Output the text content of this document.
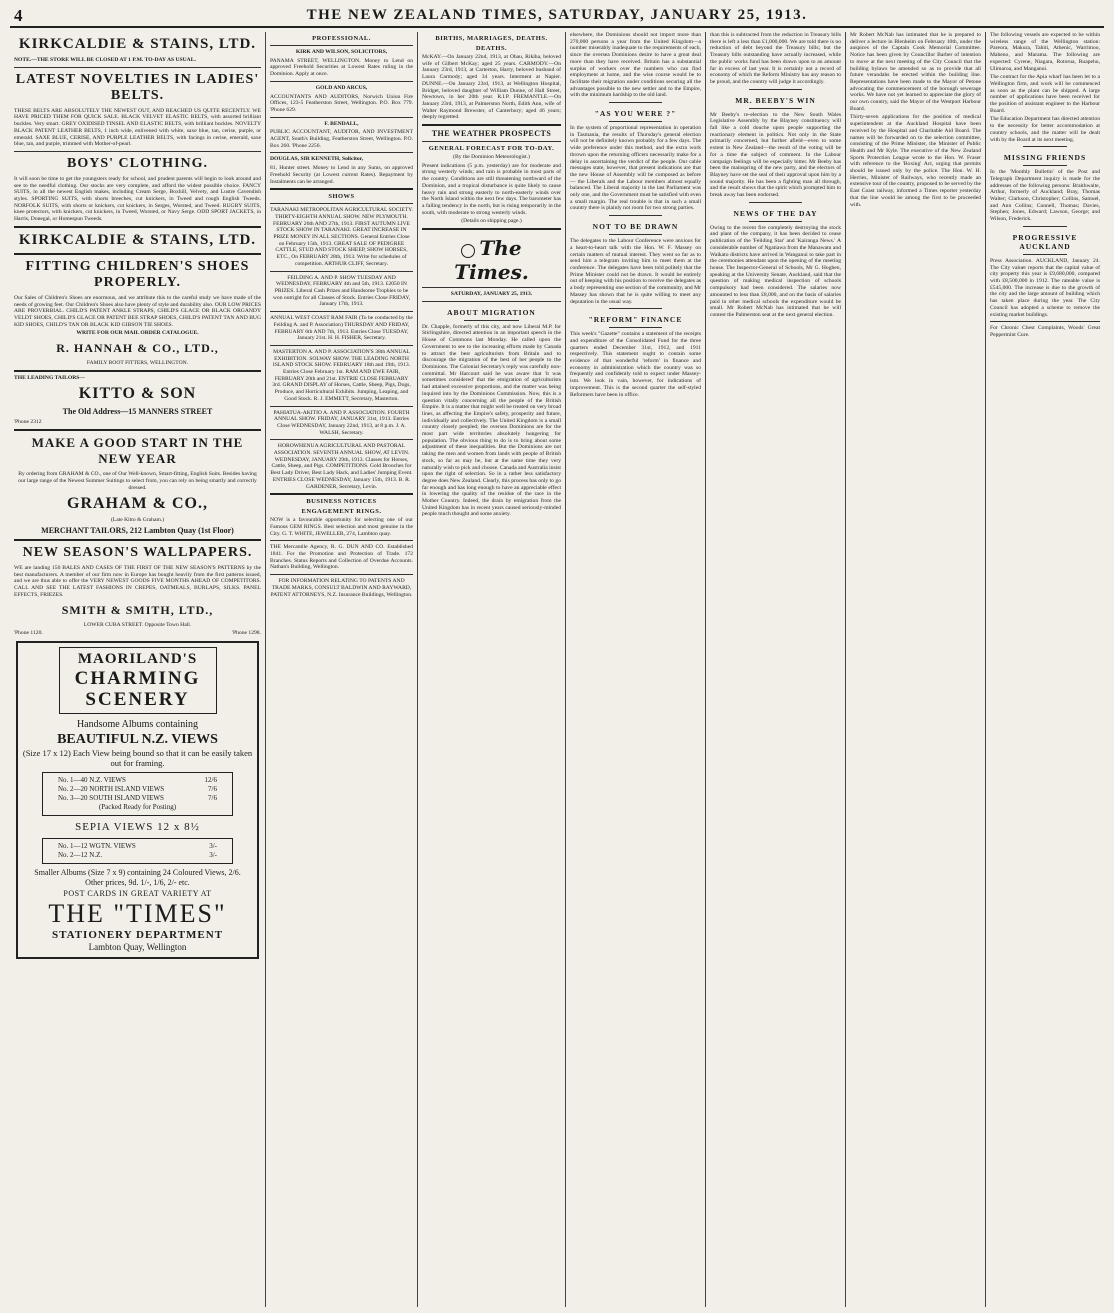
4	THE NEW ZEALAND TIMES, SATURDAY, JANUARY 25, 1913.
KIRKCALDIE & STAINS, LTD.
NOTE.—THE STORE WILL BE CLOSED AT 1 P.M. TO-DAY AS USUAL.
LATEST NOVELTIES IN LADIES' BELTS.
THESE BELTS ARE ABSOLUTELY THE NEWEST OUT, AND REACHED US QUITE RECENTLY. WE HAVE PRICED THEM FOR QUICK SALE. BLACK VELVET ELASTIC BELTS, with assorted brilliant buckles. Very smart. GREY OXIDISED TINSEL AND ELASTIC BELTS, with brilliant buckles. NOVELTY BLACK PATENT LEATHER BELTS, 1 inch wide, enlivened with white, saxe blue, tan, cerise, purple, or emerald. SAXE BLUE, CERISE, AND PURPLE LEATHER BELTS, with facings in cerise, emerald, saxe blue, tan, and purple, trimmed with Mother-of-pearl.
BOYS' CLOTHING.
It will soon be time to get the youngsters ready for school, and prudent parents will begin to look around and see to the needful clothing. Our stocks are very complete, and afford the widest possible choice. FANCY SUITS, in all the newest English makes, including Cream Serge, Boxhill, Velvety, and Lustre Cavendish styles. SPORTING SUITS, with shorts breeches, cut knickers, in Tweed and rough English Tweeds. NORFOLK SUITS, with shorts or knickers, cut knickers, in Serges, Worsted, and Tweed. RUGBY SUITS, knee protectors, with knickers, cut knickers, in Tweed, Worsted, or Navy Serge. ODD SPORT JACKETS, in Harris, Donegal, or Homespun Tweeds.
KIRKCALDIE & STAINS, LTD.
FITTING CHILDREN'S SHOES PROPERLY.
Our Sales of Children's Shoes are enormous, and we attribute this to the careful study we have made of the needs of growing feet. Our Children's Shoes also have plenty of style and durability also. OUR LOW PRICES ARE PROVERBIAL. CHILD'S PATENT ANKLE STRAPS, CHILD'S GLACE OR BLACK ORGANDY VELDT SHOES, CHILD'S GLACE OR PATENT BEE STRAP SHOES, CHILD'S PATENT TAN AND BUG KID SHOES, CHILD'S TAN OR BLACK KID GIBSON TIE SHOES.
WRITE FOR OUR MAIL ORDER CATALOGUE.
R. HANNAH & CO., LTD.,
FAMILY BOOT FITTERS, WELLINGTON.
THE LEADING TAILORS—
KITTO & SON
The Old Address—15 MANNERS STREET
'Phone 2312
MAKE A GOOD START IN THE NEW YEAR
By ordering from GRAHAM & CO., one of Our Well-known, Smart-fitting, English Suits. Besides having our large range of the Newest Summer Suitings to select from, you can rely on being smartly and correctly dressed.
GRAHAM & CO.,
(Late Kitto & Graham.)
MERCHANT TAILORS, 212 Lambton Quay (1st Floor)
NEW SEASON'S WALLPAPERS.
WE are landing 150 BALES AND CASES OF THE FIRST OF THE NEW SEASON'S PATTERNS by the best manufacturers. A member of our firm now in Europe has bought heavily from the first patterns issued, and we are thus able to offer the VERY NEWEST GOODS FIVE MONTHS AHEAD OF COMPETITORS. CALL AND SEE THE LATEST FASHIONS IN CREPES, OATMEALS, BURLAPS, SILKS. PANEL EFFECTS, FRIEZES.
SMITH & SMITH, LTD.,
LOWER CUBA STREET. Opposite Town Hall.
'Phone 1120.	'Phone 1298.
MAORILAND'S
CHARMING
SCENERY
Handsome Albums containing
BEAUTIFUL N.Z. VIEWS
(Size 17 x 12) Each View being bound so that it can be easily taken out for framing.
No. 1—40 N.Z. VIEWS	12/6
No. 2—20 NORTH ISLAND VIEWS	7/6
No. 3—20 SOUTH ISLAND VIEWS	7/6
(Packed Ready for Posting)
SEPIA VIEWS 12 x 8½
No. 1—12 WGTN. VIEWS	3/-
No. 2—12 N.Z.	3/-
Smaller Albums (Size 7 x 9) containing 24 Coloured Views, 2/6.
Other prices, 9d. 1/-, 1/6, 2/- etc.
POST CARDS IN GREAT VARIETY AT
THE "TIMES"
STATIONERY DEPARTMENT
Lambton Quay, Wellington
PROFESSIONAL.
KIRK AND WILSON, SOLICITORS,
PANAMA STREET, WELLINGTON. Money to Lend on approved Freehold Securities at Lowest Rates ruling in the Dominion. Apply at once.
GOLD AND ARCUS,
ACCOUNTANTS AND AUDITORS, Norwich Union Fire Offices, 123-5 Featherston Street, Wellington. P.O. Box 779. 'Phone 629.
F. BENDALL,
PUBLIC ACCOUNTANT, AUDITOR, AND INVESTMENT AGENT, South's Building, Featherston Street, Wellington. P.O. Box 260. 'Phone 2256.
DOUGLAS, SIR KENNETH, Solicitor,
81, Hunter street. Money to Lend in any Sums, on approved Freehold Security (at Lowest current Rates). Repayment by Instalments can be arranged.
SHOWS
TARANAKI METROPOLITAN AGRICULTURAL SOCIETY. THIRTY-EIGHTH ANNUAL SHOW. NEW PLYMOUTH. FEBRUARY 26th AND 27th, 1913. FIRST AUTUMN LIVE STOCK SHOW IN TARANAKI. GREAT INCREASE IN PRIZE MONEY IN ALL SECTIONS. General Entries Close on February 15th, 1913. GREAT SALE OF PEDIGREE CATTLE, STUD AND STOCK SHEEP, SHOW HORSES, ETC., On FEBRUARY 28th, 1913. Write for schedules of competition. ARTHUR CLIFF, Secretary.
FEILDING A. AND P. SHOW TUESDAY AND WEDNESDAY, FEBRUARY 4th and 5th, 1913. £2050 IN PRIZES. Liberal Cash Prizes and Handsome Trophies to be won outright for all Classes of Stock. Entries Close FRIDAY, January 17th, 1913.
ANNUAL WEST COAST RAM FAIR (To be conducted by the Feilding A. and P. Association) THURSDAY AND FRIDAY, FEBRUARY 6th AND 7th, 1913. Entries Close TUESDAY, January 21st. H. H. FISHER, Secretary.
MASTERTON A. AND P. ASSOCIATION'S 38th ANNUAL EXHIBITION. SOLWAY SHOW. THE LEADING NORTH ISLAND STOCK SHOW. FEBRUARY 18th and 19th, 1913. Entries Close February 1st. RAM AND EWE FAIR, FEBRUARY 20th and 21st. ENTRIE CLOSE FEBRUARY 3rd. GRAND DISPLAY of Horses, Cattle, Sheep, Pigs, Dogs, Produce, and Horticultural Exhibits. Jumping, Leaping, and Good Stock. R. J. EMMETT, Secretary, Masterton.
PAHIATUA-AKITIO A. AND P. ASSOCIATION. FOURTH ANNUAL SHOW. FRIDAY, JANUARY 31st, 1913. Entries Close WEDNESDAY, January 22nd, 1913, at 8 p.m. J. A. WALSH, Secretary.
HOROWHENUA AGRICULTURAL AND PASTORAL ASSOCIATION. SEVENTH ANNUAL SHOW, AT LEVIN. WEDNESDAY, JANUARY 29th, 1913. Classes for Horses, Cattle, Sheep, and Pigs. COMPETITIONS. Gold Brooches for Best Lady Driver, Best Lady Hack, and Ladies' Jumping Event. ENTRIES CLOSE WEDNESDAY, January 15th, 1913. B. R. GARDENER, Secretary, Levin.
BUSINESS NOTICES
ENGAGEMENT RINGS.
NOW is a favourable opportunity for selecting one of our Famous GEM RINGS. Best selection and most genuine in the City. G. T. WHITE, JEWELLER, 274, Lambton quay.
THE Mercantile Agency, R. G. DUN AND CO. Established 1841. For the Promotion and Protection of Trade. 172 Branches. Status Reports and Collection of Overdue Accounts. Nathan's Building, Wellington.
FOR INFORMATION RELATING TO PATENTS AND TRADE MARKS, CONSULT BALDWIN AND RAYWARD, PATENT ATTORNEYS, N.Z. Insurance Buildings, Wellington.
BIRTHS, MARRIAGES, DEATHS.
DEATHS.
McKAY.—On January 22nd, 1913, at Ohau, Rikiha, beloved wife of Gilbert McKay; aged 25 years. CARMODY.—On January 23rd, 1913, at Carterton, Harry, beloved husband of Laura Carmody; aged 34 years. Interment at Napier. DUNNE.—On January 23rd, 1913, at Wellington Hospital, Bridget, beloved daughter of William Dunne, of Hall Street, Newtown, in her 20th year. R.I.P. FREMANTLE.—On January 23rd, 1913, at Palmerston North, Edith Ann, wife of Walter Raymond Brewster, of Canterbury; aged 46 years; deeply regretted.
THE WEATHER PROSPECTS
GENERAL FORECAST FOR TO-DAY.
(By the Dominion Meteorologist.)
Present indications (5 p.m. yesterday) are for moderate and strong westerly winds; and rain is probable in most parts of the country. Conditions are still threatening northward of the Dominion, and a tropical disturbance is quite likely to cause heavy rain and strong easterly to north-easterly winds over the North Island within the next few days. The barometer has a falling tendency in the north, but is rising temporarily in the south, with moderate to strong westerly winds.
(Details on shipping page.)
The Times.
SATURDAY, JANUARY 25, 1913.
ABOUT MIGRATION
Dr. Chapple, formerly of this city, and now Liberal M.P. for Stirlingshire, directed attention in an important speech in the House of Commons last Monday. He called upon the Government to see to the increasing efforts made by Canada to attract the best agriculturists from Britain and to discourage the migration of the best of her people to the Dominions. The Colonial Secretary's reply was carefully non-committal. Mr Harcourt said he was aware that 'it was sometimes considered' that the emigration of agriculturists had attained excessive proportions, and the matter was being inquired into by the Dominions Commission. Now, this is a question vitally concerning all the people of the British Empire. It is a matter that might well be treated on very broad lines, as affecting the Empire's safety, prosperity and future, individually and collectively. The United Kingdom is a small country closely peopled; the oversea Dominions are for the most part wide territories absolutely hungering for population. The obvious thing to do is to bring about some adjustment of these inequalities. But the Dominions are not taking the men and women from lands with people of British stock, so far as may be, but at the same time they very naturally wish to pick and choose. Canada and Australia insist upon the right of selection. So in a rather less satisfactory degree does New Zealand. Clearly, this process has only to go far enough and has long enough to have an appreciable effect in lowering the quality of the residue of the race in the Mother Country. Indeed, the drain by emigration from the United Kingdom has in recent years caused seriously-minded people much thought and some anxiety.
elsewhere, the Dominions should not import more than 270,000 persons a year from the United Kingdom—a number miserably inadequate to the requirements of each, since the oversea Dominions desire to have a great deal more than they have received. Britain has a substantial surplus of workers over the numbers who can find employment at home, and the wise course would be to facilitate their migration under conditions securing all the advantages possible to the new settler and to the Empire, with the minimum hardship to the old land.
"AS YOU WERE ?"
In the system of proportional representation in operation in Tasmania, the results of Thursday's general election will not be definitely known probably for a few days. The wide preference under this method, and the extra work thrown upon the returning officers necessarily make for a delay in ascertaining the verdict of the people. Our cable messages state, however, that present indications are that the new House of Assembly will be composed as before — the Liberals and the Labour members almost equally balanced. The Liberal majority in the last Parliament was only one, and the Government must be satisfied with even a small margin. The real trouble is that in such a small country there is plainly not room for two strong parties.
NOT TO BE DRAWN
The delegates to the Labour Conference were anxious for a heart-to-heart talk with the Hon. W. F. Massey on certain matters of mutual interest. They went so far as to send him a telegram inviting him to meet them at the conference. The delegates have been told politely that the Prime Minister could not be drawn. It would be entirely out of keeping with his position to receive the delegates as a body representing one section of the community, and Mr Massey has shown that he is quite willing to meet any deputation in the usual way.
"REFORM" FINANCE
This week's "Gazette" contains a statement of the receipts and expenditure of the Consolidated Fund for the three quarters ended December 31st, 1912, and 1911 respectively. This statement ought to contain some evidence of that wonderful 'reform' in finance and economy in administration which the country was so frequently and confidently told to expect under Massey-ism. We look in vain, however, for indications of improvement. This is the second quarter the self-styled Reformers have been in office.
than this is subtracted from the reduction in Treasury bills there is left a less than £1,000,000. We are told there is no reduction of debt beyond the Treasury bills; but the Treasury bills outstanding have actually increased, while the public works fund has been drawn upon to an amount far in excess of last year. It is certainly not a record of economy of which the Reform Ministry has any reason to be proud, and the country will judge it accordingly.
MR. BEEBY'S WIN
Mr Beeby's re-election to the New South Wales Legislative Assembly by the Blayney constituency will fall like a cold douche upon people supporting the reactionary element in politics. Not only in the State primarily concerned, but further afield—even to some extent in New Zealand—the result of the voting will be for a time the subject of comment. In the Labour campaign feelings will be especially bitter. Mr Beeby has been the mainspring of the new party, and the electors of Blayney have set the seal of their approval upon him by a sound majority. He has been a fighting man all through, and the result shows that the spirit which prompted him to break away has been endorsed.
NEWS OF THE DAY
Owing to the recent fire completely destroying the stock and plant of the company, it has been decided to cease publication of the 'Feilding Star' and 'Kairanga News.' A considerable number of Ngatiawa from the Manawatu and Waikato districts have arrived in Wanganui to take part in the ceremonies attendant upon the opening of the meeting house. The Inspector-General of Schools, Mr G. Hogben, speaking at the University Senate, Auckland, said that the question of making medical inspection of schools compulsory had been considered. The salaries now amounted to less than £8,000, and on the basis of salaries paid in other medical schools the expenditure would be small. Mr Robert McNab has intimated that he will contest the Palmerston seat at the next general election.
Mr Robert McNab has intimated that he is prepared to deliver a lecture in Blenheim on February 10th, under the auspices of the Captain Cook Memorial Committee. Notice has been given by Councillor Barber of intention to move at the next meeting of the City Council that the building bylaws be amended so as to provide that all future verandahs be erected within the building line. Representations have been made to the Mayor of Petone advocating the commencement of the borough sewerage works. We have not yet learned to appreciate the glory of our own country, said the Mayor of the Westport Harbour Board.
Thirty-seven applications for the position of medical superintendent at the Auckland Hospital have been received by the Hospital and Charitable Aid Board. The names will be forwarded on to the selection committee, consisting of the Prime Minister, the Minister of Public Health and Mr Kyle. The executive of the New Zealand Sports Protection League wrote to the Hon. W. Fraser with reference to the 'Boxing' Act, urging that permits should be issued only by the police. The Hon. W. H. Herries, Minister of Railways, who recently made an extensive tour of the country, proposed to be served by the East Coast railway, informed a Times reporter yesterday that the line would be among the first to be proceeded with.
The following vessels are expected to be within wireless range of the Wellington station: Pareora, Makura, Tahiti, Athenic, Warrimoo, Maheno, and Marama. The following are expected: Cyrene, Niagara, Rotorua, Ruapehu, Ulimaroa, and Manganui.
The contract for the Apia wharf has been let to a Wellington firm, and work will be commenced as soon as the plant can be shipped. A large number of applications have been received for the position of assistant engineer to the Harbour Board.
The Education Department has directed attention to the necessity for better accommodation at country schools, and the matter will be dealt with by the Board at its next meeting.
MISSING FRIENDS
In the 'Monthly Bulletin' of the Post and Telegraph Department inquiry is made for the addresses of the following persons: Braithwaite, Arthur, formerly of Auckland; Bray, Thomas Walter; Clarkson, Christopher; Collins, Samuel, and Ann Collins; Connell, Thomas; Davies, Stephen; Jones, Edward; Lawson, George; and Wilson, Frederick.
PROGRESSIVE AUCKLAND
Press Association. AUCKLAND, January 24. The City valuer reports that the capital value of city property this year is £9,680,000, compared with £8,500,000 in 1912. The rateable value is £545,000. The increase is due to the growth of the city and the large amount of building which has taken place during the year. The City Council has adopted a scheme to remove the existing market buildings.
For Chronic Chest Complaints, Woods' Great Peppermint Cure.
